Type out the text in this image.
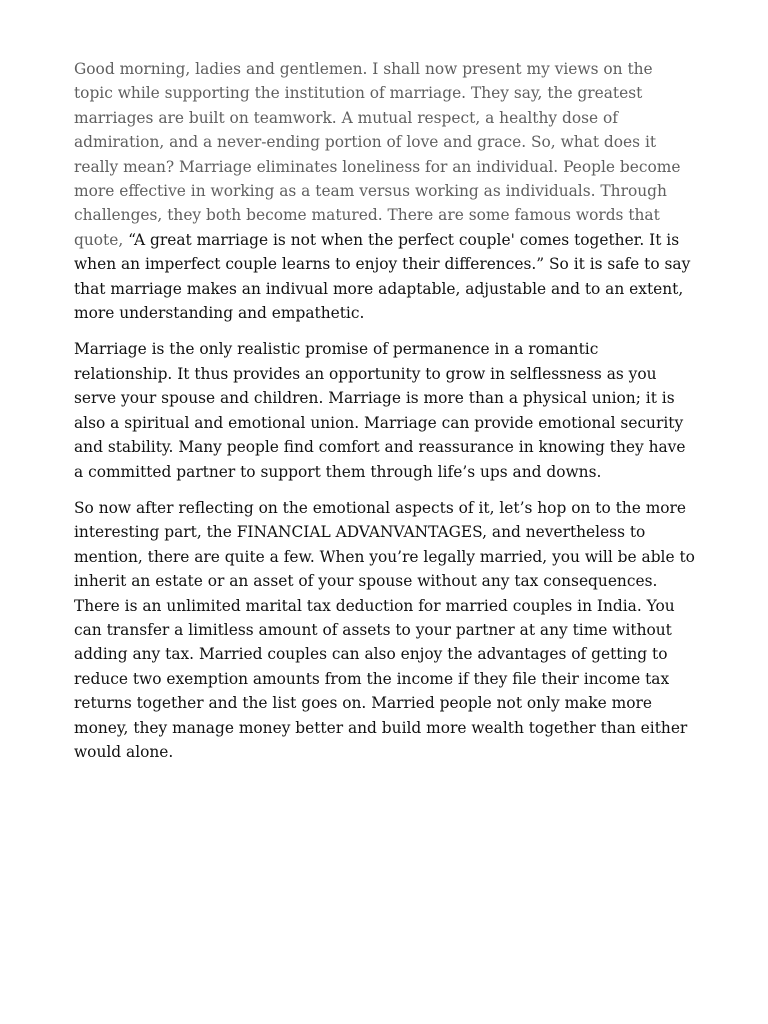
Good morning, ladies and gentlemen. I shall now present my views on the topic while supporting the institution of marriage. They say, the greatest marriages are built on teamwork. A mutual respect, a healthy dose of admiration, and a never-ending portion of love and grace. So, what does it really mean? Marriage eliminates loneliness for an individual. People become more effective in working as a team versus working as individuals. Through challenges, they both become matured. There are some famous words that quote, “A great marriage is not when the perfect couple' comes together. It is when an imperfect couple learns to enjoy their differences.” So it is safe to say that marriage makes an indivual more adaptable, adjustable and to an extent, more understanding and empathetic.

Marriage is the only realistic promise of permanence in a romantic relationship. It thus provides an opportunity to grow in selflessness as you serve your spouse and children. Marriage is more than a physical union; it is also a spiritual and emotional union. Marriage can provide emotional security and stability. Many people find comfort and reassurance in knowing they have a committed partner to support them through life’s ups and downs.

So now after reflecting on the emotional aspects of it, let’s hop on to the more interesting part, the FINANCIAL ADVANVANTAGES, and nevertheless to mention, there are quite a few. When you’re legally married, you will be able to inherit an estate or an asset of your spouse without any tax consequences. There is an unlimited marital tax deduction for married couples in India. You can transfer a limitless amount of assets to your partner at any time without adding any tax. Married couples can also enjoy the advantages of getting to reduce two exemption amounts from the income if they file their income tax returns together and the list goes on. Married people not only make more money, they manage money better and build more wealth together than either would alone.
